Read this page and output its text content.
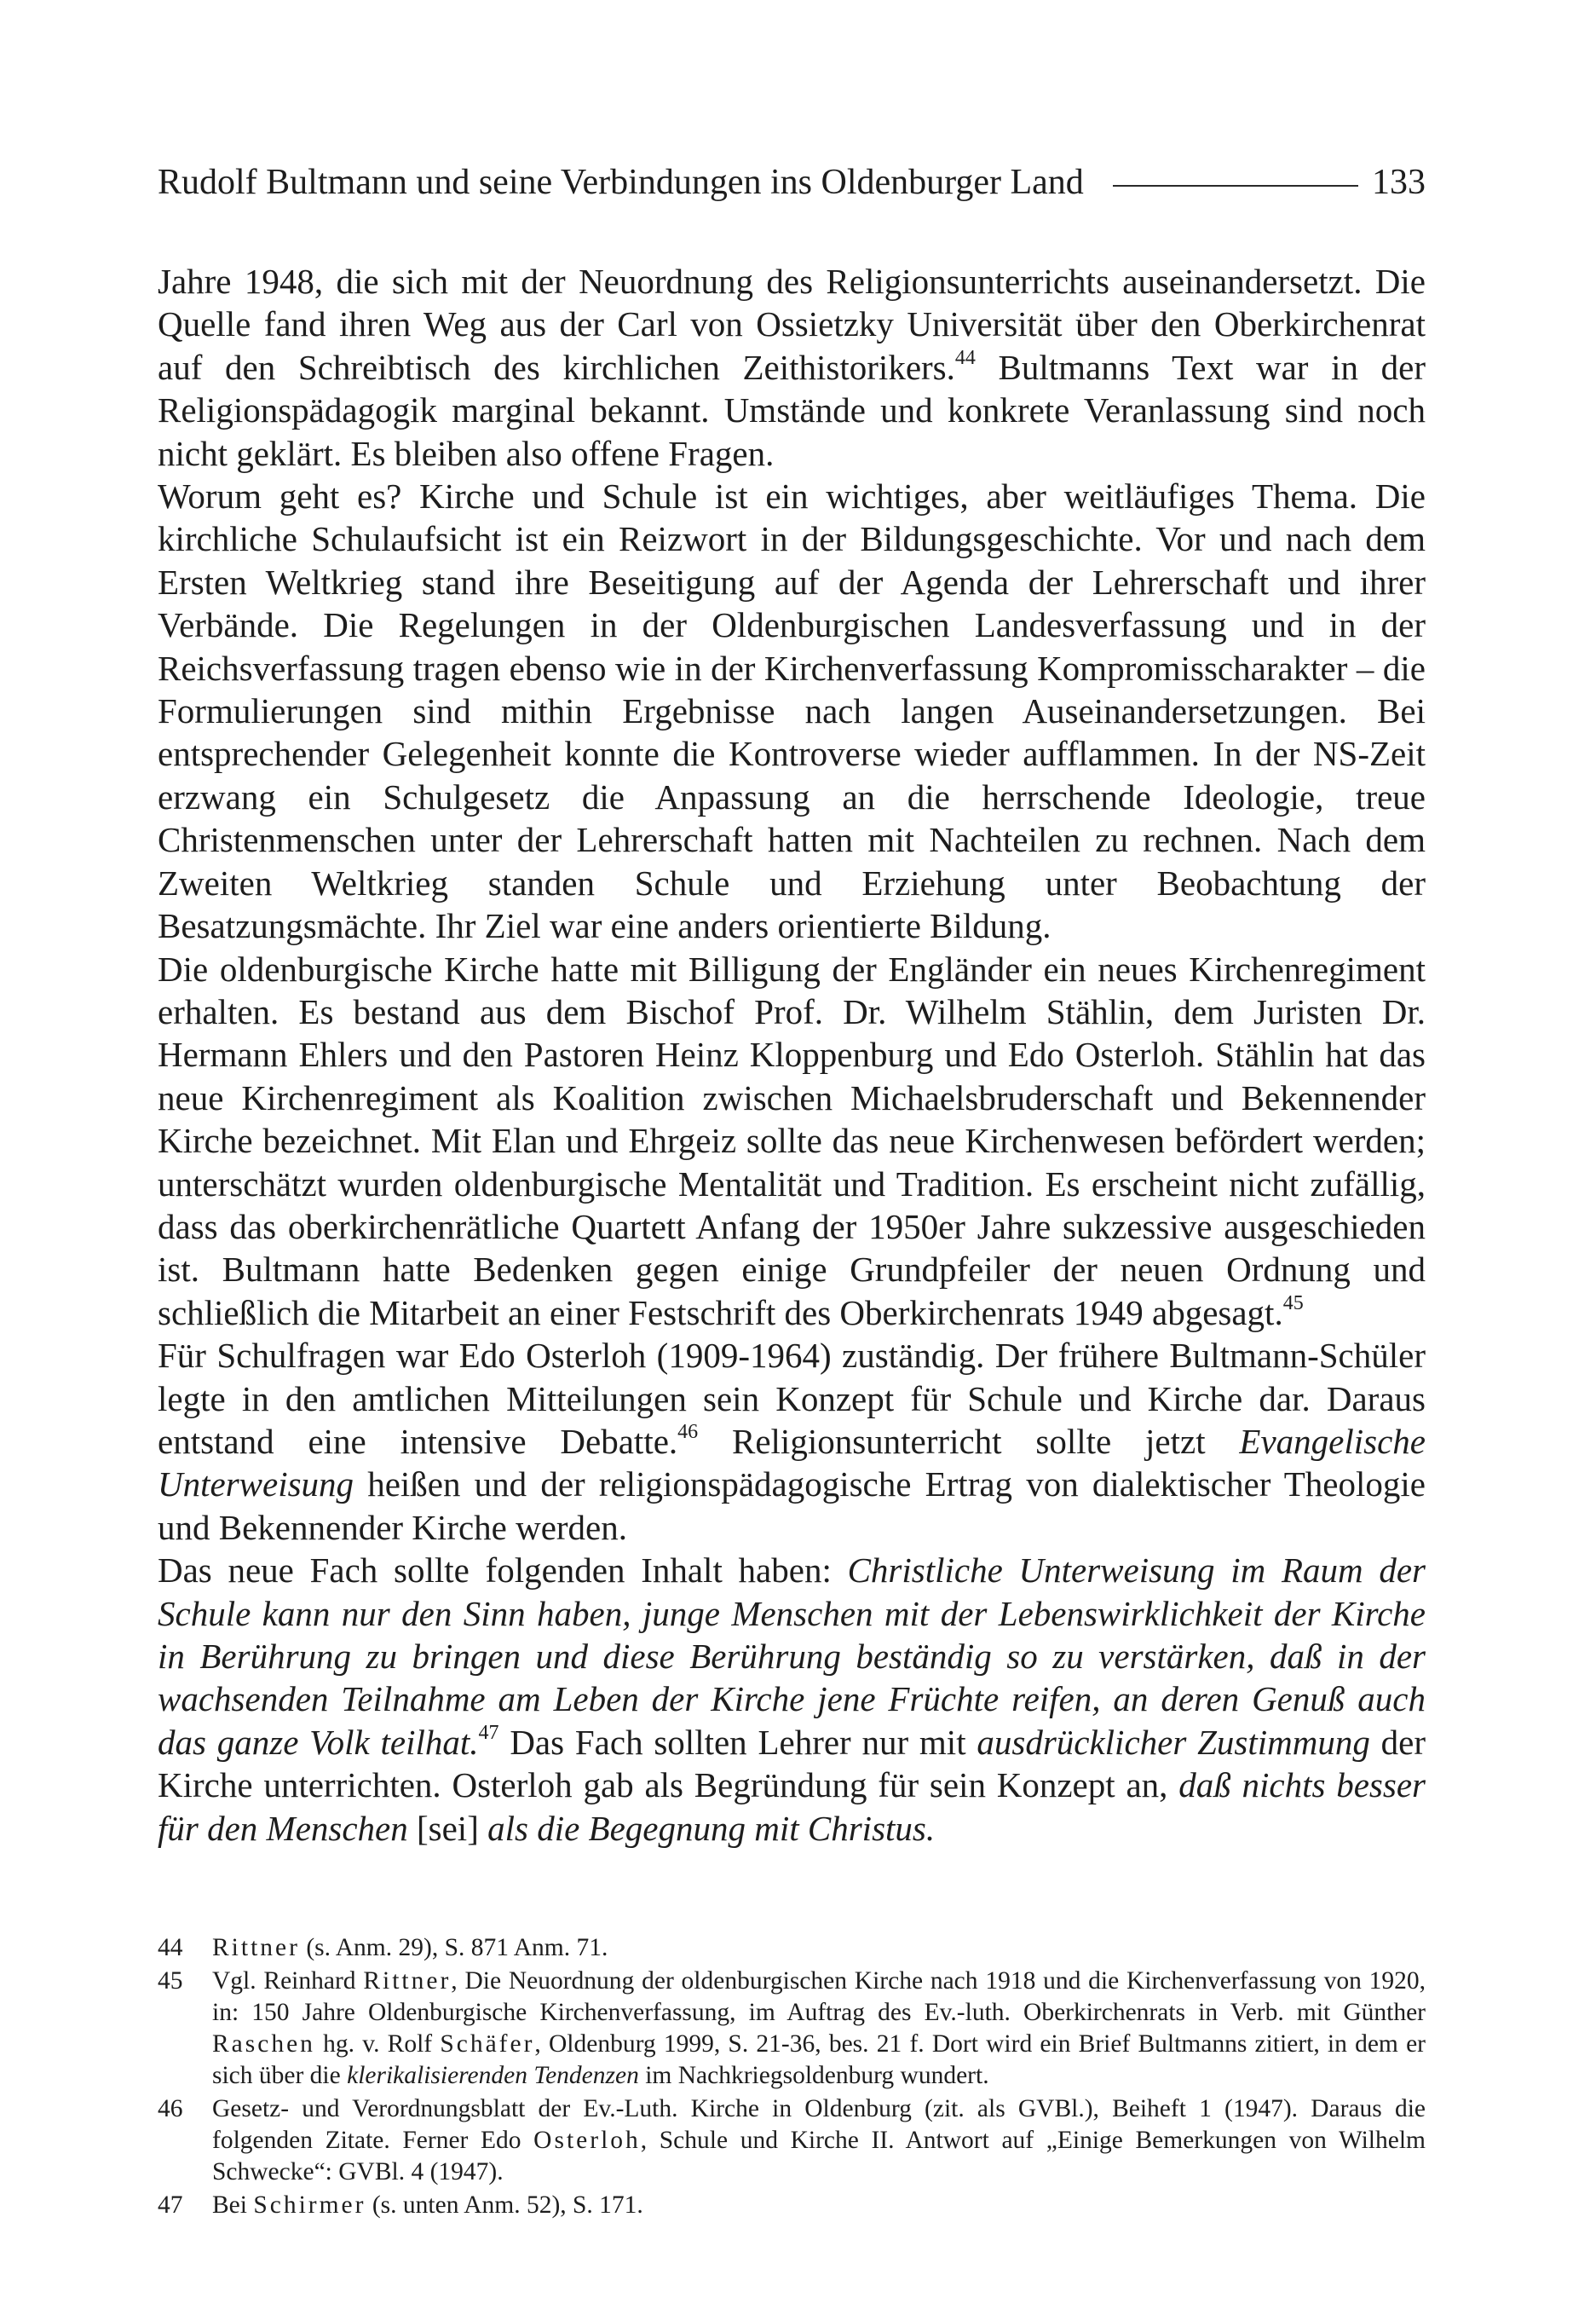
Rudolf Bultmann und seine Verbindungen ins Oldenburger Land	133

Jahre 1948, die sich mit der Neuordnung des Religionsunterrichts auseinandersetzt. Die Quelle fand ihren Weg aus der Carl von Ossietzky Universität über den Oberkirchenrat auf den Schreibtisch des kirchlichen Zeithistorikers.$^{44}$ Bultmanns Text war in der Religionspädagogik marginal bekannt. Umstände und konkrete Veranlassung sind noch nicht geklärt. Es bleiben also offene Fragen.

Worum geht es? Kirche und Schule ist ein wichtiges, aber weitläufiges Thema. Die kirchliche Schulaufsicht ist ein Reizwort in der Bildungsgeschichte. Vor und nach dem Ersten Weltkrieg stand ihre Beseitigung auf der Agenda der Lehrerschaft und ihrer Verbände. Die Regelungen in der Oldenburgischen Landesverfassung und in der Reichsverfassung tragen ebenso wie in der Kirchenverfassung Kompromisscharakter – die Formulierungen sind mithin Ergebnisse nach langen Auseinandersetzungen. Bei entsprechender Gelegenheit konnte die Kontroverse wieder aufflammen. In der NS-Zeit erzwang ein Schulgesetz die Anpassung an die herrschende Ideologie, treue Christenmenschen unter der Lehrerschaft hatten mit Nachteilen zu rechnen. Nach dem Zweiten Weltkrieg standen Schule und Erziehung unter Beobachtung der Besatzungsmächte. Ihr Ziel war eine anders orientierte Bildung.

Die oldenburgische Kirche hatte mit Billigung der Engländer ein neues Kirchenregiment erhalten. Es bestand aus dem Bischof Prof. Dr. Wilhelm Stählin, dem Juristen Dr. Hermann Ehlers und den Pastoren Heinz Kloppenburg und Edo Osterloh. Stählin hat das neue Kirchenregiment als Koalition zwischen Michaelsbruderschaft und Bekennender Kirche bezeichnet. Mit Elan und Ehrgeiz sollte das neue Kirchenwesen befördert werden; unterschätzt wurden oldenburgische Mentalität und Tradition. Es erscheint nicht zufällig, dass das oberkirchenrätliche Quartett Anfang der 1950er Jahre sukzessive ausgeschieden ist. Bultmann hatte Bedenken gegen einige Grundpfeiler der neuen Ordnung und schließlich die Mitarbeit an einer Festschrift des Oberkirchenrats 1949 abgesagt.$^{45}$

Für Schulfragen war Edo Osterloh (1909-1964) zuständig. Der frühere Bultmann-Schüler legte in den amtlichen Mitteilungen sein Konzept für Schule und Kirche dar. Daraus entstand eine intensive Debatte.$^{46}$ Religionsunterricht sollte jetzt Evangelische Unterweisung heißen und der religionspädagogische Ertrag von dialektischer Theologie und Bekennender Kirche werden.

Das neue Fach sollte folgenden Inhalt haben: Christliche Unterweisung im Raum der Schule kann nur den Sinn haben, junge Menschen mit der Lebenswirklichkeit der Kirche in Berührung zu bringen und diese Berührung beständig so zu verstärken, daß in der wachsenden Teilnahme am Leben der Kirche jene Früchte reifen, an deren Genuß auch das ganze Volk teilhat.$^{47}$ Das Fach sollten Lehrer nur mit ausdrücklicher Zustimmung der Kirche unterrichten. Osterloh gab als Begründung für sein Konzept an, daß nichts besser für den Menschen [sei] als die Begegnung mit Christus.

44	Rittner (s. Anm. 29), S. 871 Anm. 71.
45	Vgl. Reinhard Rittner, Die Neuordnung der oldenburgischen Kirche nach 1918 und die Kirchenverfassung von 1920, in: 150 Jahre Oldenburgische Kirchenverfassung, im Auftrag des Ev.-luth. Oberkirchenrats in Verb. mit Günther Raschen hg. v. Rolf Schäfer, Oldenburg 1999, S. 21-36, bes. 21 f. Dort wird ein Brief Bultmanns zitiert, in dem er sich über die klerikalisierenden Tendenzen im Nachkriegsoldenburg wundert.
46	Gesetz- und Verordnungsblatt der Ev.-Luth. Kirche in Oldenburg (zit. als GVBl.), Beiheft 1 (1947). Daraus die folgenden Zitate. Ferner Edo Osterloh, Schule und Kirche II. Antwort auf „Einige Bemerkungen von Wilhelm Schwecke“: GVBl. 4 (1947).
47	Bei Schirmer (s. unten Anm. 52), S. 171.
